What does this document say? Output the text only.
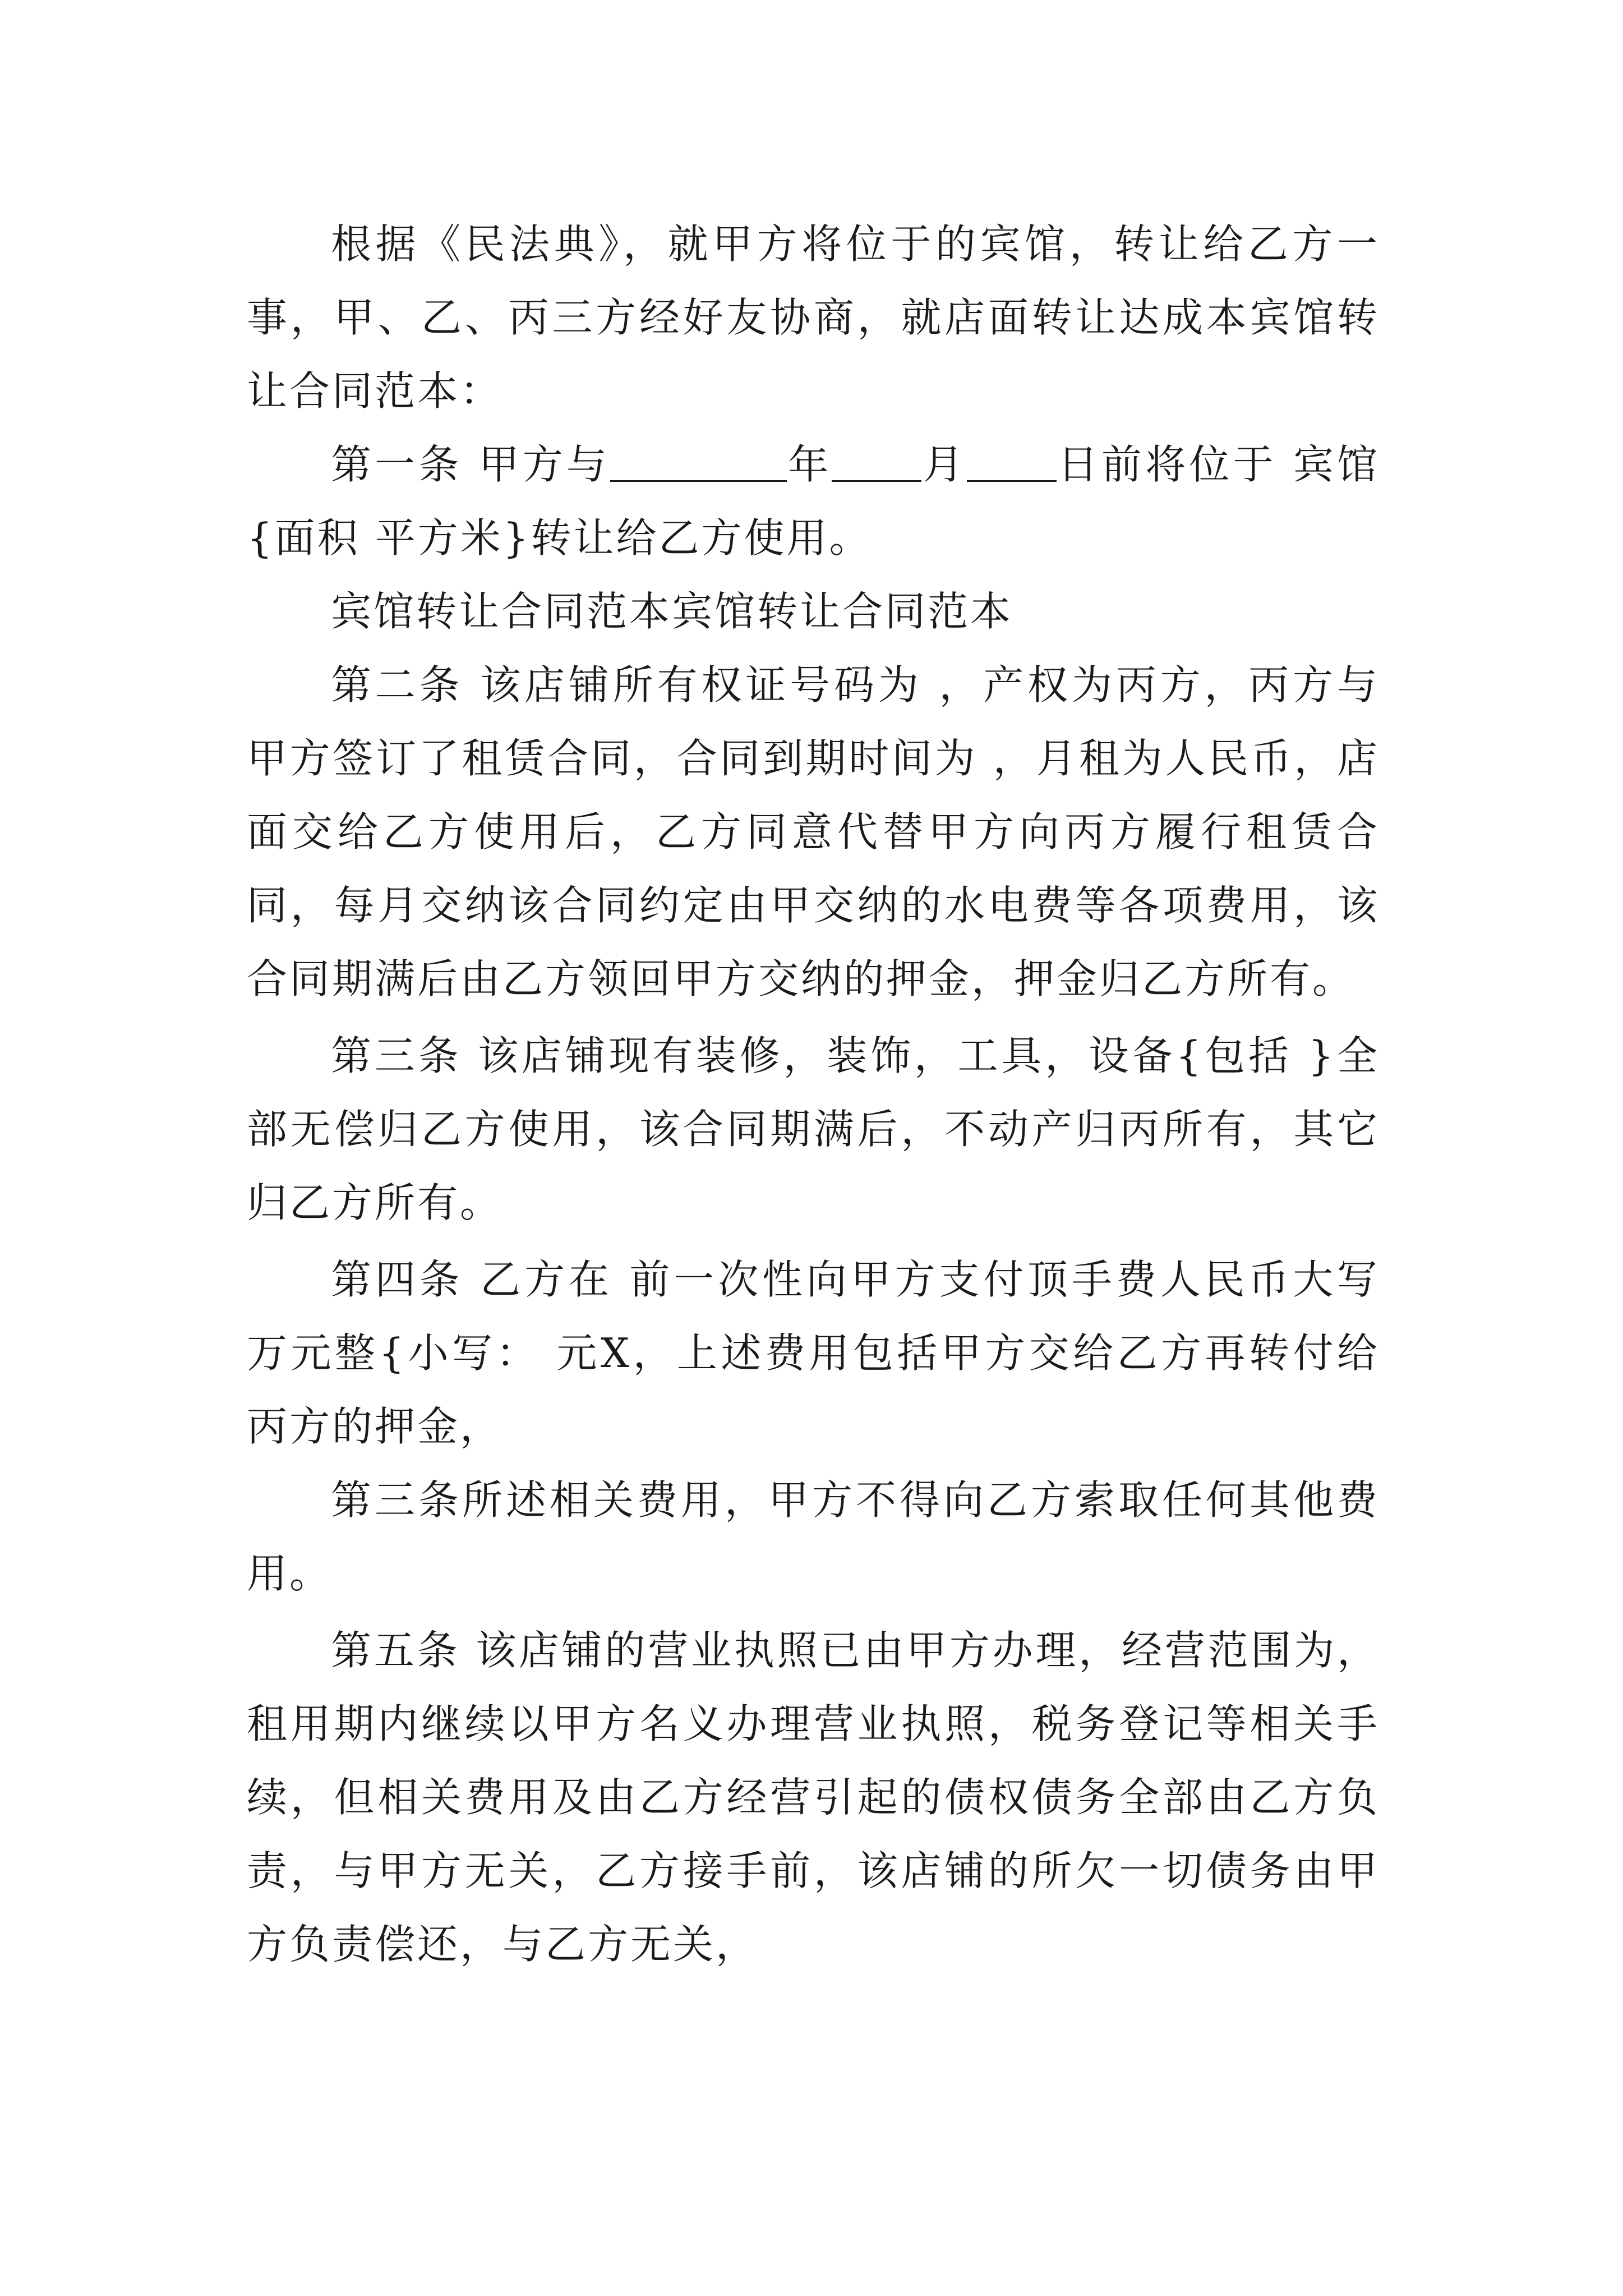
根据《民法典》，就甲方将位于的宾馆，转让给乙方一事，甲、乙、丙三方经好友协商，就店面转让达成本宾馆转让合同范本：

第一条 甲方与	年 月 日前将位于 宾馆{面积 平方米}转让给乙方使用。

宾馆转让合同范本宾馆转让合同范本

第二条 该店铺所有权证号码为 ，产权为丙方，丙方与甲方签订了租赁合同，合同到期时间为 ，月租为人民币，店面交给乙方使用后，乙方同意代替甲方向丙方履行租赁合同，每月交纳该合同约定由甲交纳的水电费等各项费用，该合同期满后由乙方领回甲方交纳的押金，押金归乙方所有。

第三条 该店铺现有装修，装饰，工具，设备{包括 }全部无偿归乙方使用，该合同期满后，不动产归丙所有，其它归乙方所有。

第四条 乙方在 前一次性向甲方支付顶手费人民币大写 万元整{小写： 元X，上述费用包括甲方交给乙方再转付给丙方的押金，

第三条所述相关费用，甲方不得向乙方索取任何其他费用。

第五条 该店铺的营业执照已由甲方办理，经营范围为，租用期内继续以甲方名义办理营业执照，税务登记等相关手续，但相关费用及由乙方经营引起的债权债务全部由乙方负责，与甲方无关，乙方接手前，该店铺的所欠一切债务由甲方负责偿还，与乙方无关，
